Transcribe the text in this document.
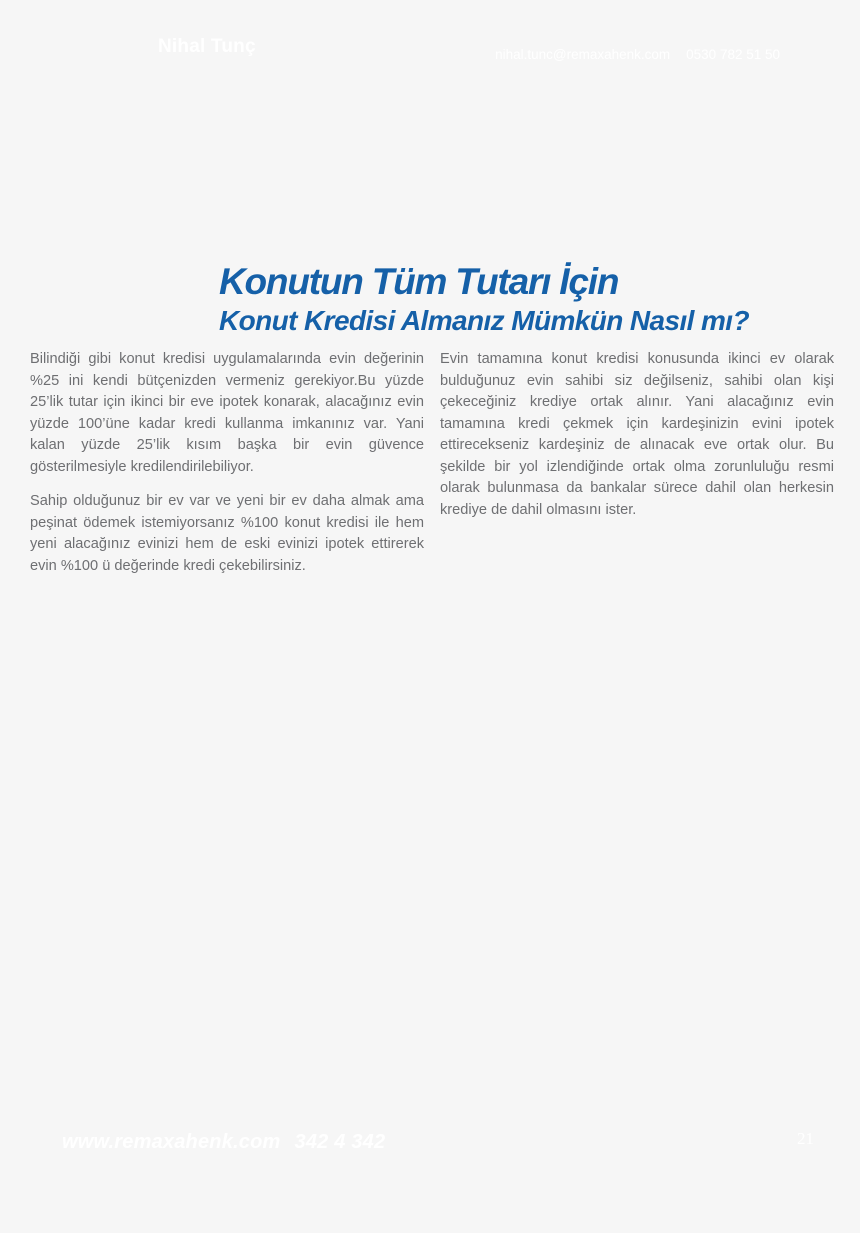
Nihal Tunç	nihal.tunc@remaxahenk.com 0530 782 51 50
Konutun Tüm Tutarı İçin
Konut Kredisi Almanız Mümkün Nasıl mı?

Bilindiği gibi konut kredisi uygulamalarında evin değerinin %25 ini kendi bütçenizden vermeniz gerekiyor.Bu yüzde 25’lik tutar için ikinci bir eve ipotek konarak, alacağınız evin yüzde 100’üne kadar kredi kullanma imkanınız var. Yani kalan yüzde 25’lik kısım başka bir evin güvence gösterilmesiyle kredilendirilebiliyor.

Sahip olduğunuz bir ev var ve yeni bir ev daha almak ama peşinat ödemek istemiyorsanız %100 konut kredisi ile hem yeni alacağınız evinizi hem de eski evinizi ipotek ettirerek evin %100 ü değerinde kredi çekebilirsiniz.

Evin tamamına konut kredisi konusunda ikinci ev olarak bulduğunuz evin sahibi siz değilseniz, sahibi olan kişi çekeceğiniz krediye ortak alınır. Yani alacağınız evin tamamına kredi çekmek için kardeşinizin evini ipotek ettirecekseniz kardeşiniz de alınacak eve ortak olur. Bu şekilde bir yol izlendiğinde ortak olma zorunluluğu resmi olarak bulunmasa da bankalar sürece dahil olan herkesin krediye de dahil olmasını ister.

www.remaxahenk.com 342 4 342	21
